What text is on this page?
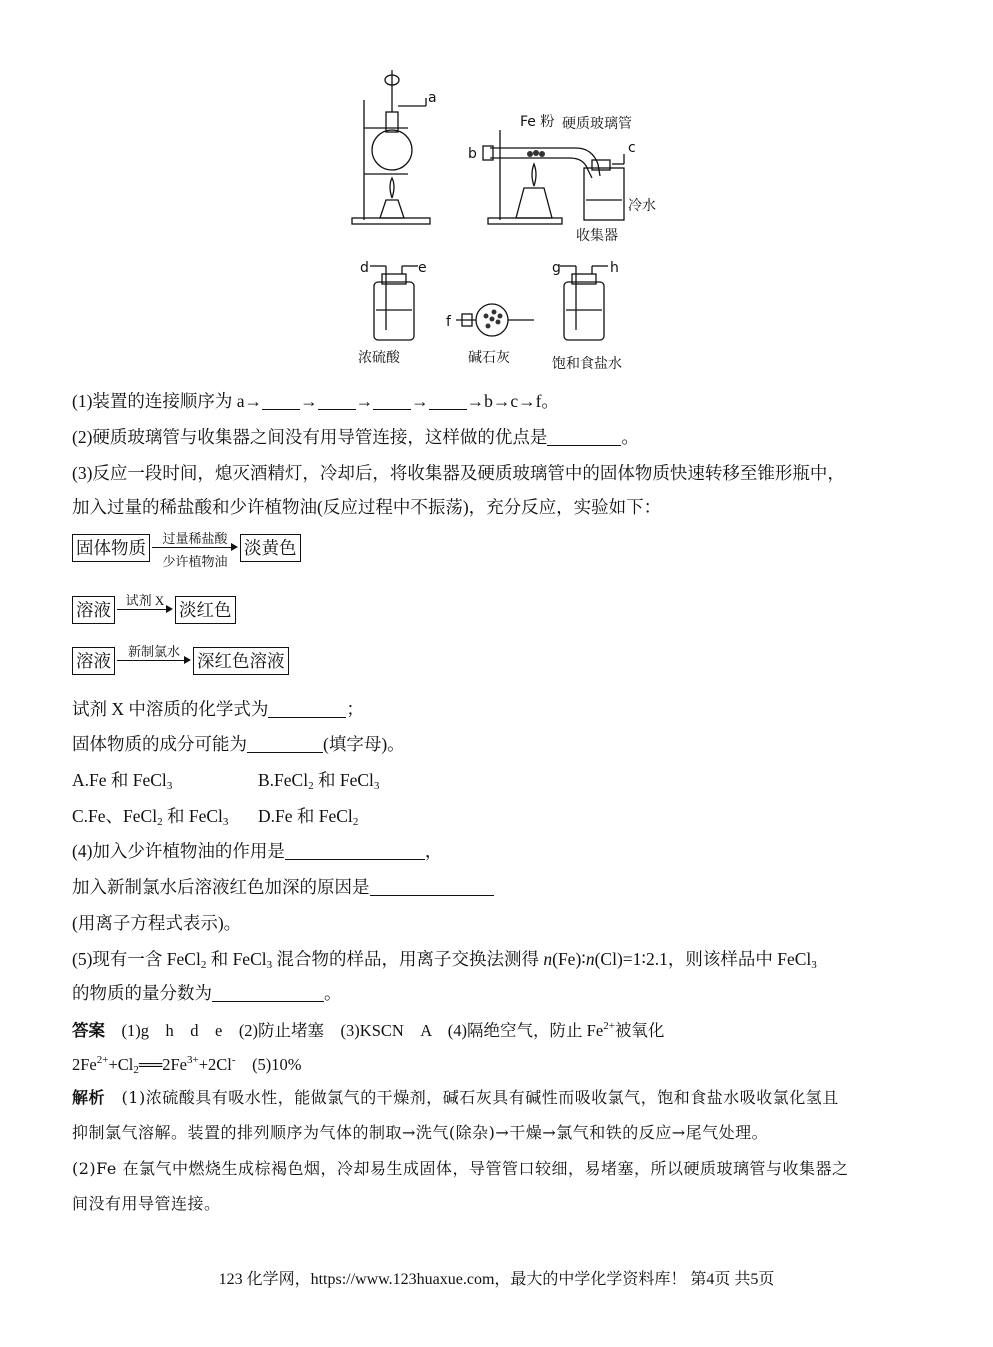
a
b	c
Fe 粉 硬质玻璃管
冷水
收集器
d	e
f
g	h
浓硫酸	碱石灰	饱和食盐水
(1)装置的连接顺序为 a→ → → → →b→c→f。
(2)硬质玻璃管与收集器之间没有用导管连接，这样做的优点是	。
(3)反应一段时间，熄灭酒精灯，冷却后，将收集器及硬质玻璃管中的固体物质快速转移至锥形瓶中，
加入过量的稀盐酸和少许植物油(反应过程中不振荡)，充分反应，实验如下：
固体物质	过量稀盐酸
少许植物油
淡黄色
溶液	试剂 X 淡红色
溶液	新制氯水 深红色溶液
试剂 X 中溶质的化学式为	；
固体物质的成分可能为	(填字母)。
A.Fe 和 FeCl$_3$	B.FeCl$_2$ 和 FeCl$_3$
C.Fe、FeCl$_2$ 和 FeCl$_3$ D.Fe 和 FeCl$_2$
(4)加入少许植物油的作用是	，
加入新制氯水后溶液红色加深的原因是
(用离子方程式表示)。
(5)现有一含 FeCl$_2$ 和 FeCl$_3$ 混合物的样品，用离子交换法测得 n(Fe)∶n(Cl)=1∶2.1，则该样品中 FeCl$_3$
的物质的量分数为	。
答案　 (1)g　h　d　e　(2)防止堵塞　(3)KSCN　A　(4)隔绝空气，防止 $Fe^{2+}$被氧化
$2Fe^{2+}+Cl_2══2Fe^{3+}+2Cl^-$　(5)10%
解析　 (1)浓硫酸具有吸水性，能做氯气的干燥剂，碱石灰具有碱性而吸收氯气，饱和食盐水吸收氯化氢且
抑制氯气溶解。装置的排列顺序为气体的制取→洗气(除杂)→干燥→氯气和铁的反应→尾气处理。
(2)Fe 在氯气中燃烧生成棕褐色烟，冷却易生成固体，导管管口较细，易堵塞，所以硬质玻璃管与收集器之
间没有用导管连接。
123 化学网，https://www.123huaxue.com，最大的中学化学资料库！ 第4页 共5页
